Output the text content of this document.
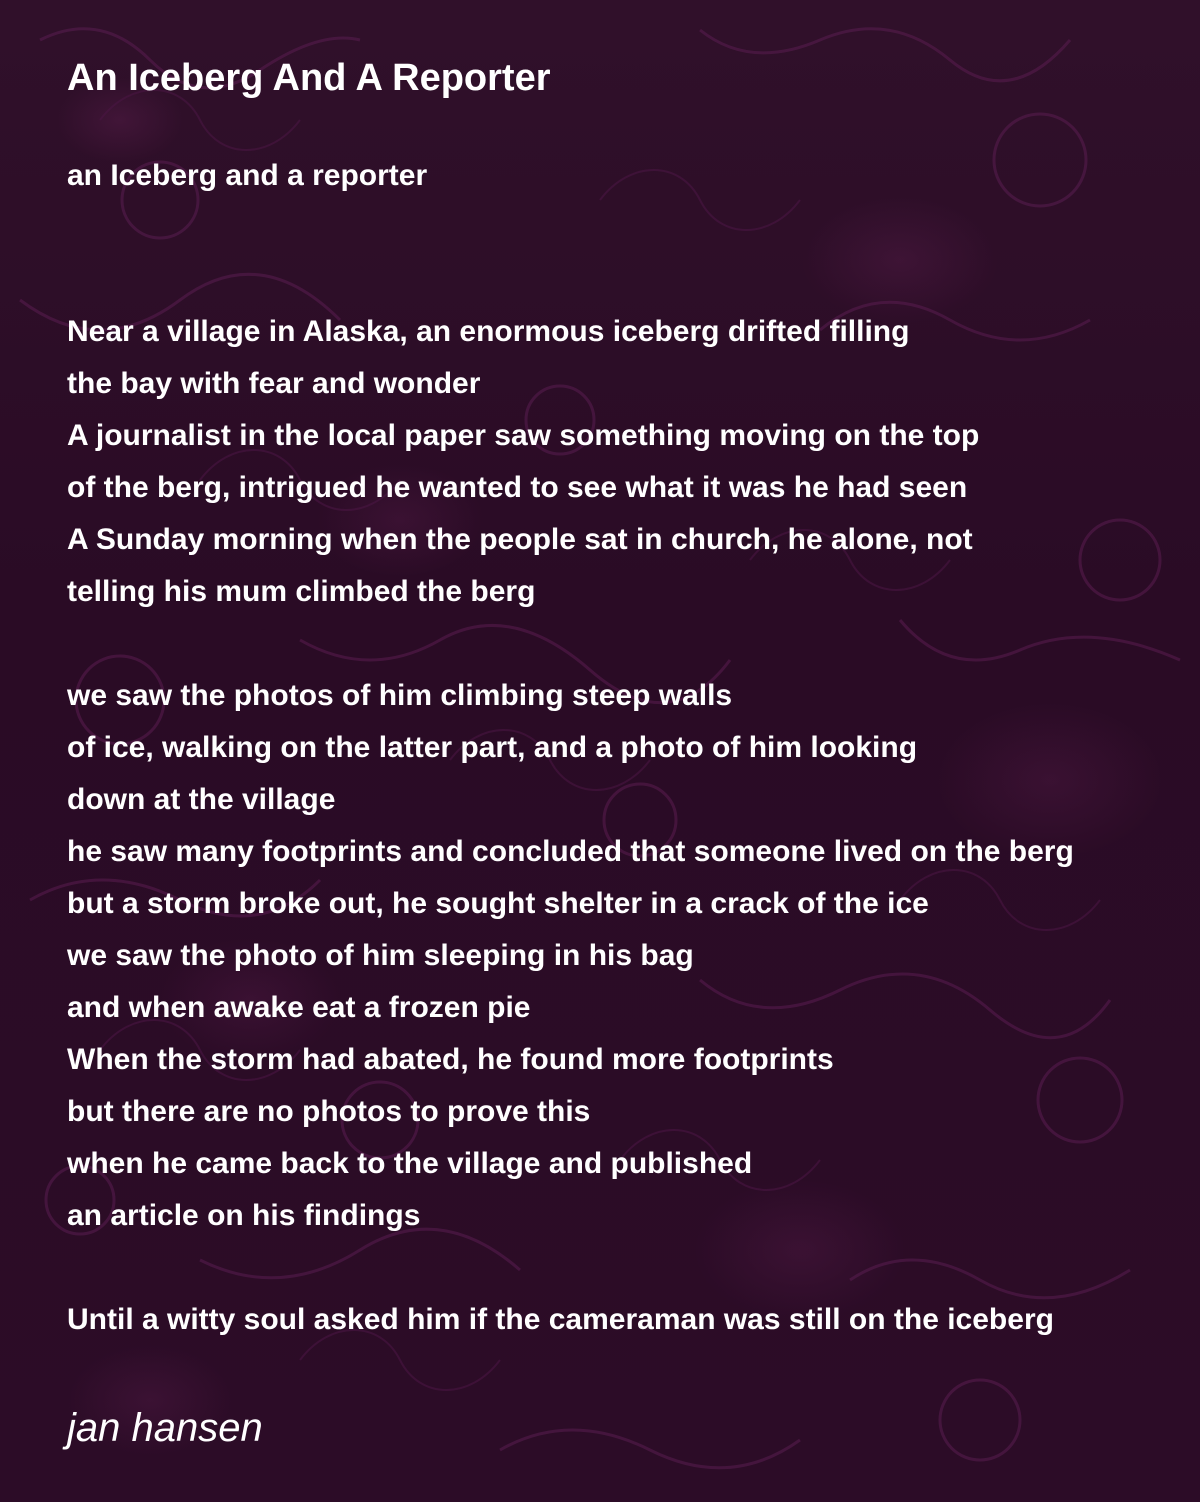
An Iceberg And A Reporter
an Iceberg and a reporter
Near a village in Alaska, an enormous iceberg drifted filling
the bay with fear and wonder
A journalist in the local paper saw something moving on the top
of the berg, intrigued he wanted to see what it was he had seen
A Sunday morning when the people sat in church, he alone, not
telling his mum climbed the berg
we saw the photos of him climbing steep walls
of ice, walking on the latter part, and a photo of him looking
down at the village
he saw many footprints and concluded that someone lived on the berg
but a storm broke out, he sought shelter in a crack of the ice
we saw the photo of him sleeping in his bag
and when awake eat a frozen pie
When the storm had abated, he found more footprints
but there are no photos to prove this
when he came back to the village and published
an article on his findings
Until a witty soul asked him if the cameraman was still on the iceberg
jan hansen
